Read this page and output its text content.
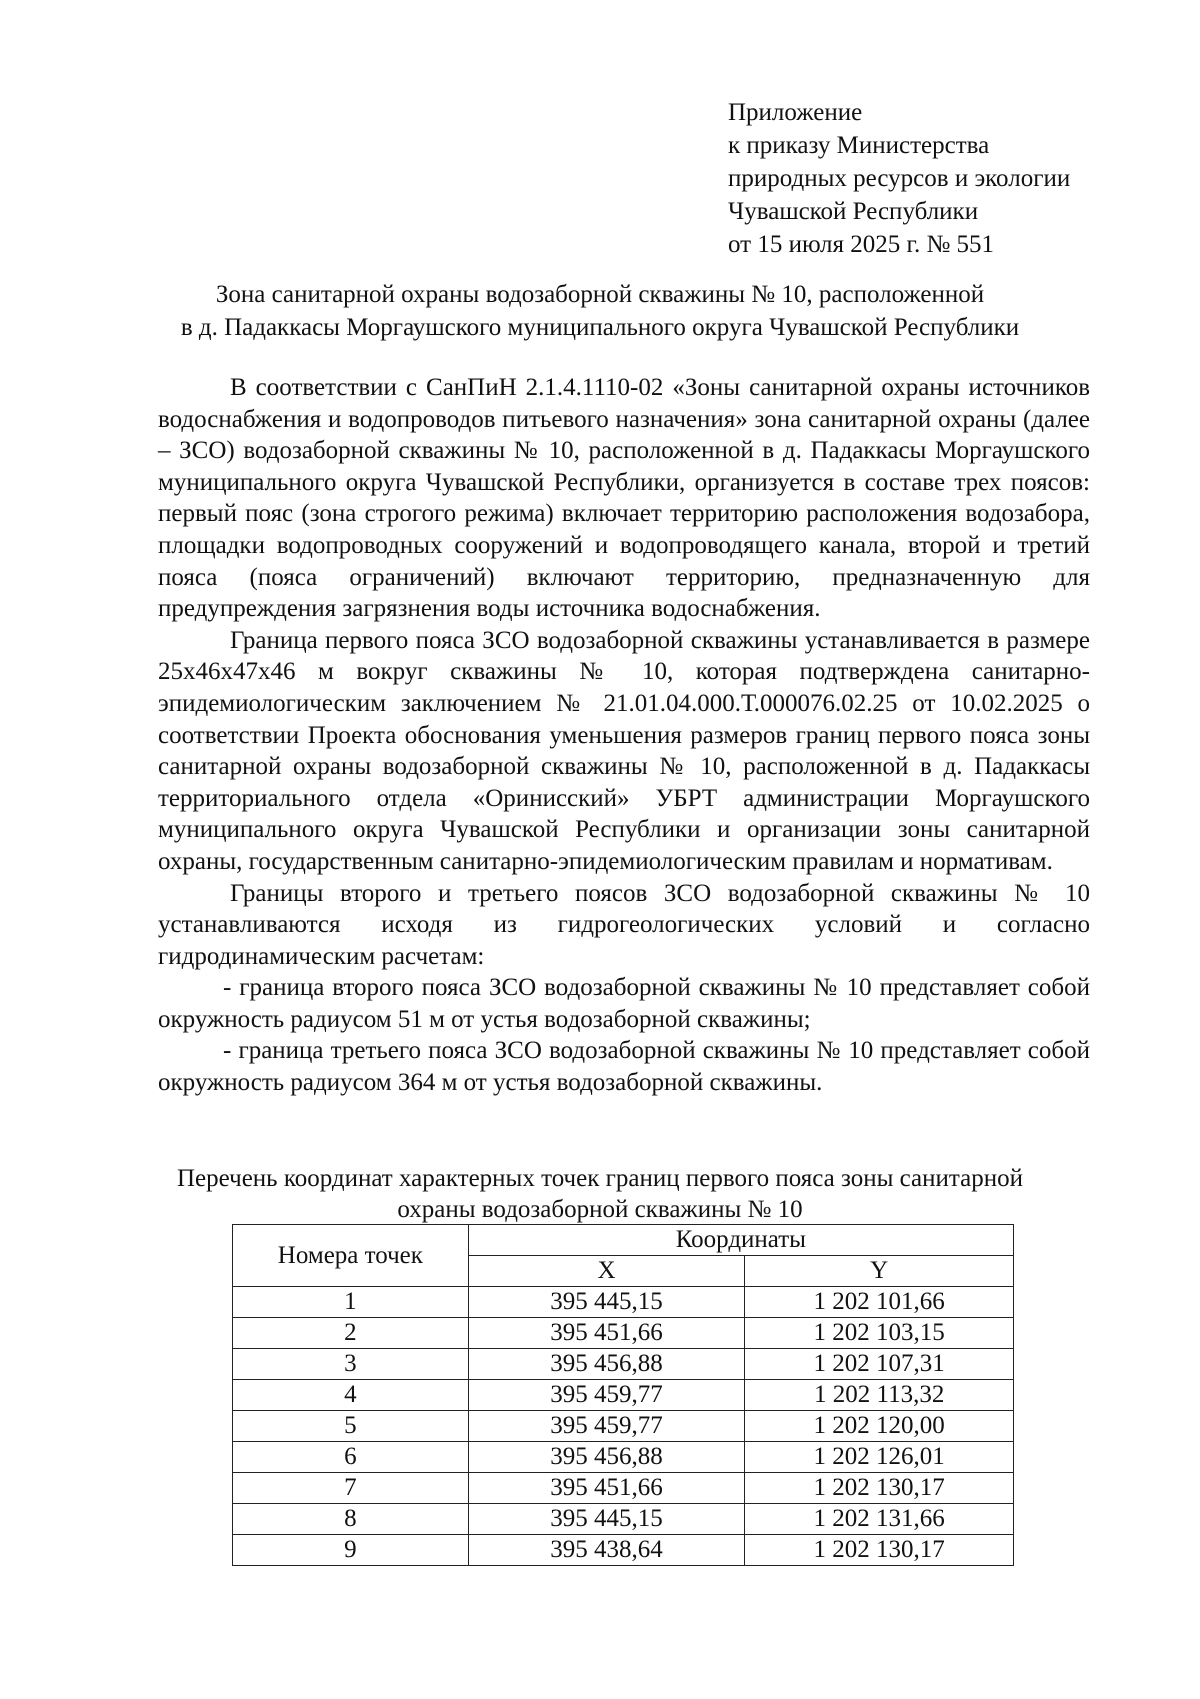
Приложение
к приказу Министерства
природных ресурсов и экологии
Чувашской Республики
от 15 июля 2025 г. № 551
Зона санитарной охраны водозаборной скважины № 10, расположенной
в д. Падаккасы Моргаушского муниципального округа Чувашской Республики

В соответствии с СанПиН 2.1.4.1110-02 «Зоны санитарной охраны источников водоснабжения и водопроводов питьевого назначения» зона санитарной охраны (далее – ЗСО) водозаборной скважины № 10, расположенной в д. Падаккасы Моргаушского муниципального округа Чувашской Республики, организуется в составе трех поясов: первый пояс (зона строгого режима) включает территорию расположения водозабора, площадки водопроводных сооружений и водопроводящего канала, второй и третий пояса (пояса ограничений) включают территорию, предназначенную для предупреждения загрязнения воды источника водоснабжения.

Граница первого пояса ЗСО водозаборной скважины устанавливается в размере 25х46х47х46 м вокруг скважины № 10, которая подтверждена санитарно-эпидемиологическим заключением № 21.01.04.000.Т.000076.02.25 от 10.02.2025 о соответствии Проекта обоснования уменьшения размеров границ первого пояса зоны санитарной охраны водозаборной скважины № 10, расположенной в д. Падаккасы территориального отдела «Оринисский» УБРТ администрации Моргаушского муниципального округа Чувашской Республики и организации зоны санитарной охраны, государственным санитарно-эпидемиологическим правилам и нормативам.

Границы второго и третьего поясов ЗСО водозаборной скважины № 10 устанавливаются исходя из гидрогеологических условий и согласно гидродинамическим расчетам:

- граница второго пояса ЗСО водозаборной скважины № 10 представляет собой окружность радиусом 51 м от устья водозаборной скважины;

- граница третьего пояса ЗСО водозаборной скважины № 10 представляет собой окружность радиусом 364 м от устья водозаборной скважины.

Перечень координат характерных точек границ первого пояса зоны санитарной
охраны водозаборной скважины № 10
Номера точек	Координаты	
	X	Y
1	395 445,15	1 202 101,66
2	395 451,66	1 202 103,15
3	395 456,88	1 202 107,31
4	395 459,77	1 202 113,32
5	395 459,77	1 202 120,00
6	395 456,88	1 202 126,01
7	395 451,66	1 202 130,17
8	395 445,15	1 202 131,66
9	395 438,64	1 202 130,17
